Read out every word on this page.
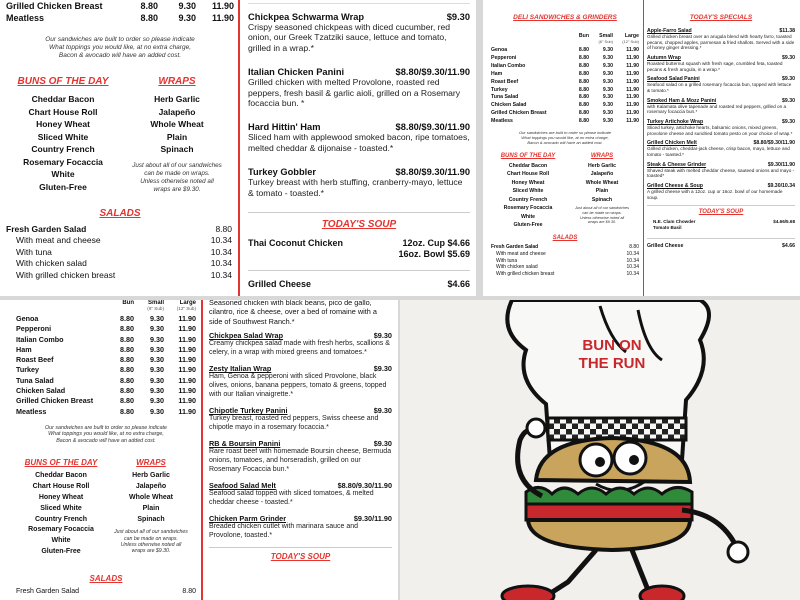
Grilled Chicken Breast	8.80 9.30 11.90
Meatless	8.80 9.30 11.90
Our sandwiches are built to order so please indicate
What toppings you would like, at no extra charge,
Bacon & avocado will have an added cost.
BUNS OF THE DAY
Cheddar Bacon
Chart House Roll
Honey Wheat
Sliced White
Country French
Rosemary Focaccia
White
Gluten-Free
WRAPS
Herb Garlic
Jalapeño
Whole Wheat
Plain
Spinach
Just about all of our sandwiches
can be made on wraps.
Unless otherwise noted all
wraps are $9.30.
SALADS
Fresh Garden Salad	8.80
With meat and cheese	10.34
With tuna	10.34
With chicken salad	10.34
With grilled chicken breast	10.34
Chickpea Schwarma Wrap	$9.30
Crispy seasoned chickpeas with diced cucumber, red onion, our Greek Tzatziki sauce, lettuce and tomato, grilled in a wrap.*
Italian Chicken Panini	$8.80/$9.30/11.90
Grilled chicken with melted Provolone, roasted red peppers, fresh basil & garlic aioli, grilled on a Rosemary focaccia bun. *
Hard Hittin' Ham	$8.80/$9.30/11.90
Sliced ham with applewood smoked bacon, ripe tomatoes, melted cheddar & dijonaise - toasted.*
Turkey Gobbler	$8.80/$9.30/11.90
Turkey breast with herb stuffing, cranberry-mayo, lettuce & tomato - toasted.*
TODAY'S SOUP
Thai Coconut Chicken	12oz. Cup $4.66
16oz. Bowl $5.69
Grilled Cheese	$4.66
DELI SANDWICHES & GRINDERS
Bun	Small	Large
(6" Sub)	(12" Sub)
Genoa	8.80	9.30	11.90
Pepperoni	8.80	9.30	11.90
Italian Combo	8.80	9.30	11.90
Ham	8.80	9.30	11.90
Roast Beef	8.80	9.30	11.90
Turkey	8.80	9.30	11.90
Tuna Salad	8.80	9.30	11.90
Chicken Salad	8.80	9.30	11.90
Grilled Chicken Breast	8.80	9.30	11.90
Meatless	8.80	9.30	11.90
Our sandwiches are built to order so please indicate
What toppings you would like, at no extra charge,
Bacon & avocado will have an added cost.
BUNS OF THE DAY
Cheddar Bacon
Chart House Roll
Honey Wheat
Sliced White
Country French
Rosemary Focaccia
White
Gluten-Free
WRAPS
Herb Garlic
Jalapeño
Whole Wheat
Plain
Spinach
Just about all of our sandwiches
can be made on wraps.
Unless otherwise noted all
wraps are $9.30.
SALADS
Fresh Garden Salad	8.80
With meat and cheese	10.34
With tuna	10.34
With chicken salad	10.34
With grilled chicken breast	10.34
TODAY'S SPECIALS
Apple-Farro Salad	$11.38
Grilled chicken breast over an arugula blend with hearty farro, toasted pecans, chopped apples, parmesan & fried shallots. Served with a side of honey ginger dressing.*
Autumn Wrap	$9.30
Roasted butternut squash with fresh sage, crumbled feta, toasted pecans & fresh arugula, in a wrap.*
Seafood Salad Panini	$9.30
Seafood salad on a grilled rosemary focaccia bun, topped with lettuce & tomato.*
Smoked Ham & Mozz Panini	$9.30
with Kalamata olive tapenade and roasted red peppers, grilled on a rosemary focaccia bun.*
Turkey Artichoke Wrap	$9.30
Sliced turkey, artichoke hearts, balsamic onions, mixed greens, provolone cheese and sundried tomato pesto on your choice of wrap.*
Grilled Chicken Melt	$8.80/$9.30/11.90
Grilled chicken, cheddar-jack cheese, crisp bacon, mayo, lettuce and tomato - toasted.*
Steak & Cheese Grinder	$9.30/11.90
Shaved steak with melted cheddar cheese, sauteed onions and mayo - toasted*
Grilled Cheese & Soup	$9.30/10.34
A grilled cheese with a 12oz. cup or 16oz. bowl of our homemade soup.
TODAY'S SOUP
N.E. Clam Chowder
Tomato Basil
$4.66/5.68
Grilled Cheese	$4.66
Bun	Small	Large
(6" Sub)	(12" Sub)
Genoa	8.80	9.30	11.90
Pepperoni	8.80	9.30	11.90
Italian Combo	8.80	9.30	11.90
Ham	8.80	9.30	11.90
Roast Beef	8.80	9.30	11.90
Turkey	8.80	9.30	11.90
Tuna Salad	8.80	9.30	11.90
Chicken Salad	8.80	9.30	11.90
Grilled Chicken Breast	8.80	9.30	11.90
Meatless	8.80	9.30	11.90
Our sandwiches are built to order so please indicate
What toppings you would like, at no extra charge,
Bacon & avocado will have an added cost.
BUNS OF THE DAY
Cheddar Bacon
Chart House Roll
Honey Wheat
Sliced White
Country French
Rosemary Focaccia
White
Gluten-Free
WRAPS
Herb Garlic
Jalapeño
Whole Wheat
Plain
Spinach
Just about all of our sandwiches
can be made on wraps.
Unless otherwise noted all
wraps are $9.30.
SALADS
Fresh Garden Salad	8.80
Seasoned chicken with black beans, pico de gallo, cilantro, rice & cheese, over a bed of romaine with a side of Southwest Ranch.*
Chickpea Salad Wrap	$9.30
Creamy chickpea salad made with fresh herbs, scallions & celery, in a wrap with mixed greens and tomatoes.*
Zesty Italian Wrap	$9.30
Ham, Genoa & pepperoni with sliced Provolone, black olives, onions, banana peppers, tomato & greens, topped with our Italian vinaigrette.*
Chipotle Turkey Panini	$9.30
Turkey breast, roasted red peppers, Swiss cheese and chipotle mayo in a rosemary focaccia.*
RB & Boursin Panini	$9.30
Rare roast beef with homemade Boursin cheese, Bermuda onions, tomatoes, and horseradish, grilled on our Rosemary Focaccia bun.*
Seafood Salad Melt	$8.80/9.30/11.90
Seafood salad topped with sliced tomatoes, & melted cheddar cheese - toasted.*
Chicken Parm Grinder	$9.30/11.90
Breaded chicken cutlet with marinara sauce and Provolone, toasted.*
TODAY'S SOUP
BUN ON
THE RUN
